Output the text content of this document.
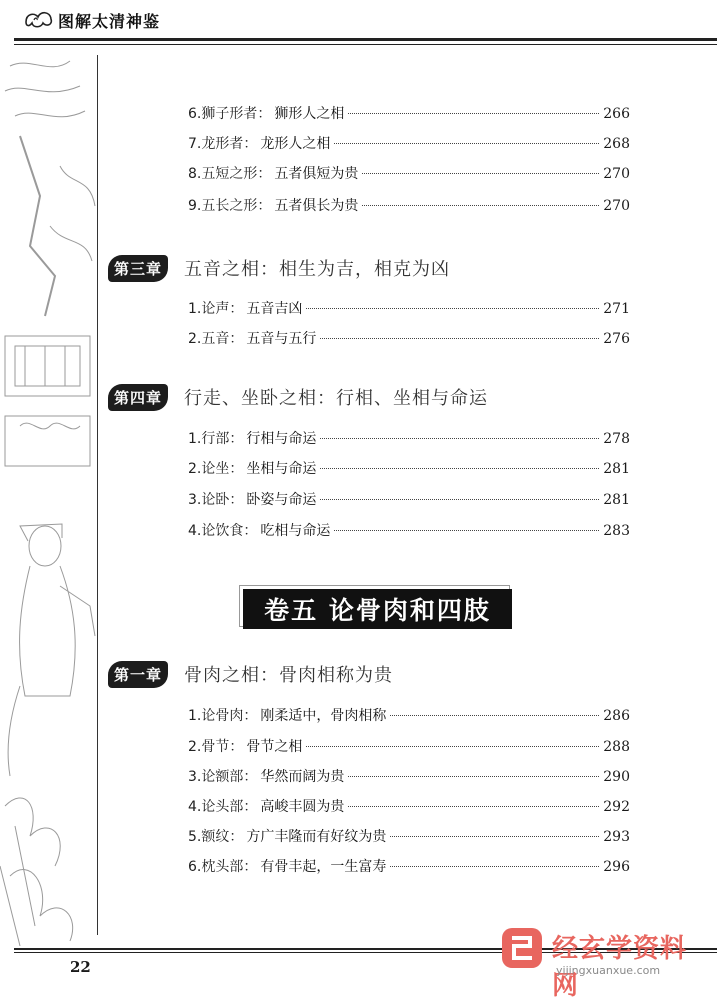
图解太清神鉴
6. 狮子形者： 狮形人之相	266
7. 龙形者： 龙形人之相	268
8. 五短之形： 五者俱短为贵	270
9. 五长之形： 五者俱长为贵	270
第三章	五音之相：相生为吉，相克为凶
1. 论声： 五音吉凶	271
2. 五音： 五音与五行	276
第四章	行走、坐卧之相：行相、坐相与命运
1. 行部： 行相与命运	278
2. 论坐： 坐相与命运	281
3. 论卧： 卧姿与命运	281
4. 论饮食： 吃相与命运	283
卷五 论骨肉和四肢
第一章	骨肉之相：骨肉相称为贵
1. 论骨肉： 刚柔适中，骨肉相称	286
2. 骨节： 骨节之相	288
3. 论额部： 华然而阔为贵	290
4. 论头部： 高峻丰圆为贵	292
5. 额纹： 方广丰隆而有好纹为贵	293
6. 枕头部： 有骨丰起，一生富寿	296
22
经玄学资料网
yijingxuanxue.com
